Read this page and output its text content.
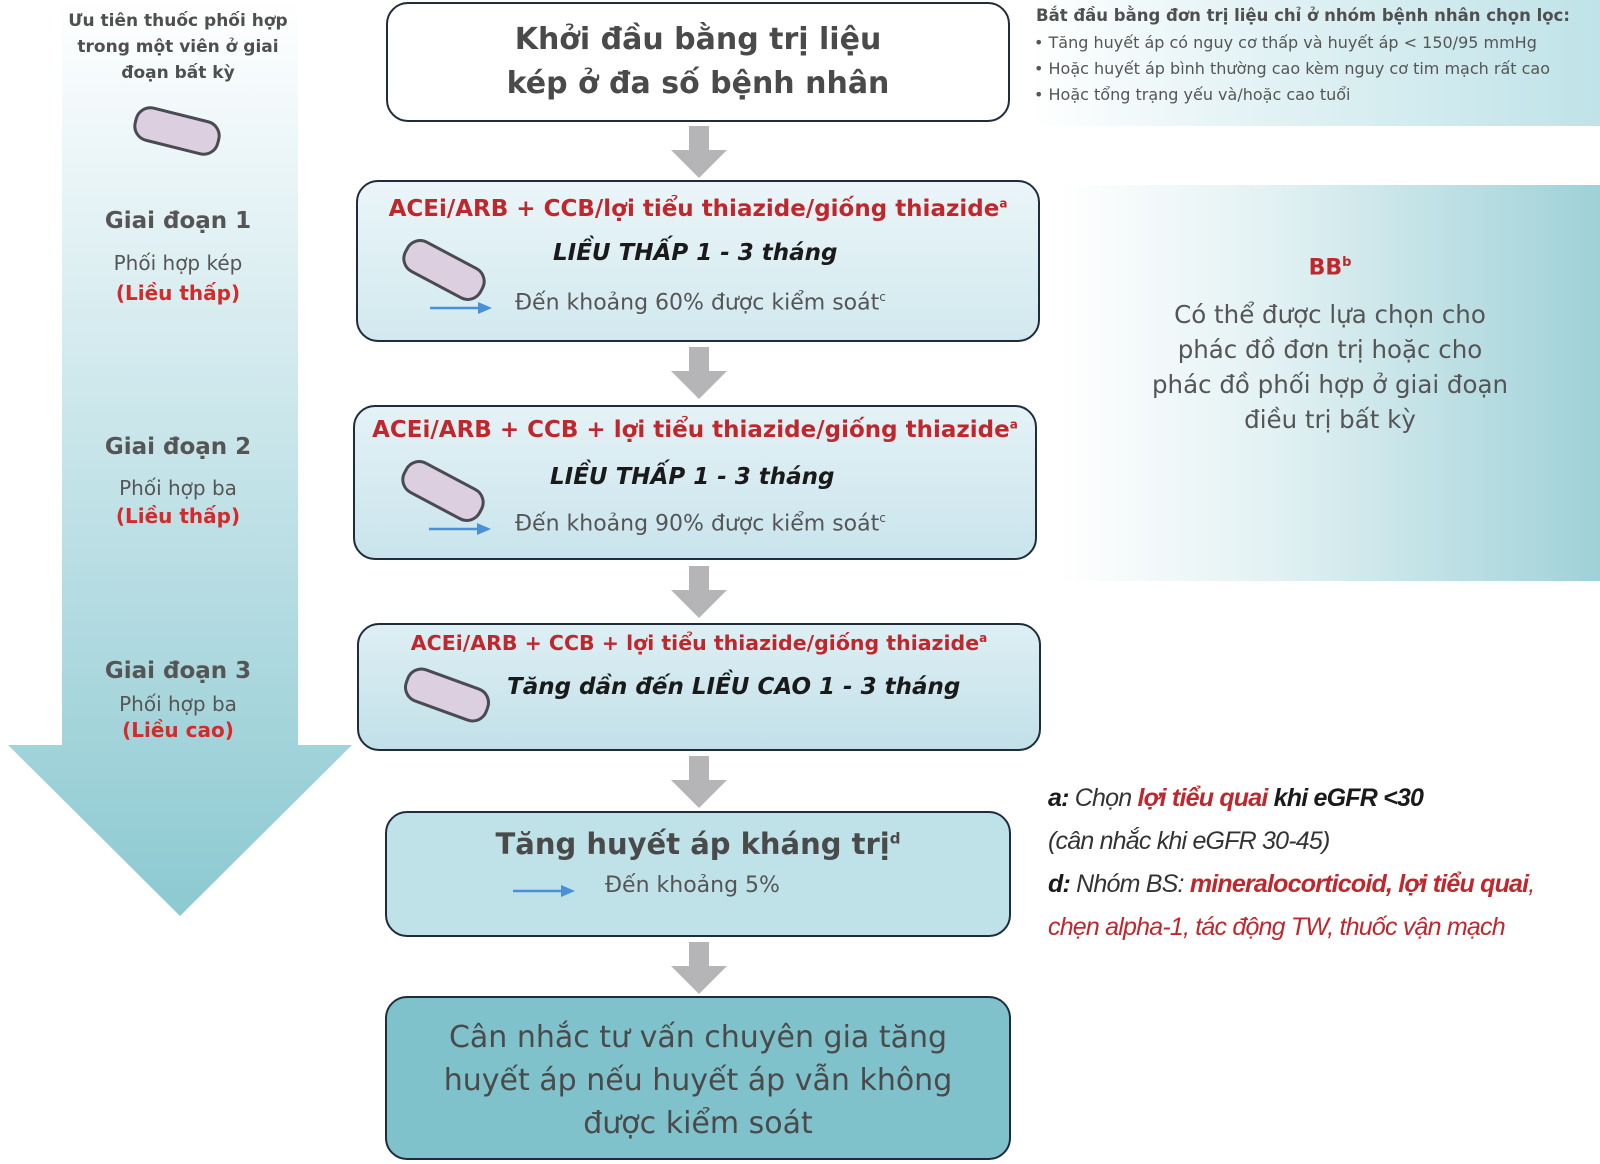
Ưu tiên thuốc phối hợp trong một viên ở giai đoạn bất kỳ
Giai đoạn 1
Phối hợp kép
(Liều thấp)
Giai đoạn 2
Phối hợp ba
(Liều thấp)
Giai đoạn 3
Phối hợp ba
(Liều cao)
Khởi đầu bằng trị liệu
kép ở đa số bệnh nhân
ACEi/ARB + CCB/lợi tiểu thiazide/giống thiazide$^a$
LIỀU THẤP 1 - 3 tháng
Đến khoảng 60% được kiểm soát$^c$
ACEi/ARB + CCB + lợi tiểu thiazide/giống thiazide$^a$
LIỀU THẤP 1 - 3 tháng
Đến khoảng 90% được kiểm soát$^c$
ACEi/ARB + CCB + lợi tiểu thiazide/giống thiazide$^a$
Tăng dần đến LIỀU CAO 1 - 3 tháng
Tăng huyết áp kháng trị$^d$
Đến khoảng 5%
Cân nhắc tư vấn chuyên gia tăng
huyết áp nếu huyết áp vẫn không
được kiểm soát
Bắt đầu bằng đơn trị liệu chỉ ở nhóm bệnh nhân chọn lọc:
• Tăng huyết áp có nguy cơ thấp và huyết áp < 150/95 mmHg
• Hoặc huyết áp bình thường cao kèm nguy cơ tim mạch rất cao
• Hoặc tổng trạng yếu và/hoặc cao tuổi
$BB^b$
Có thể được lựa chọn cho phác đồ đơn trị hoặc cho phác đồ phối hợp ở giai đoạn điều trị bất kỳ
a: Chọn lợi tiểu quai khi eGFR <30
(cân nhắc khi eGFR 30-45)
d: Nhóm BS: mineralocorticoid, lợi tiểu quai,
chẹn alpha-1, tác động TW, thuốc vận mạch
